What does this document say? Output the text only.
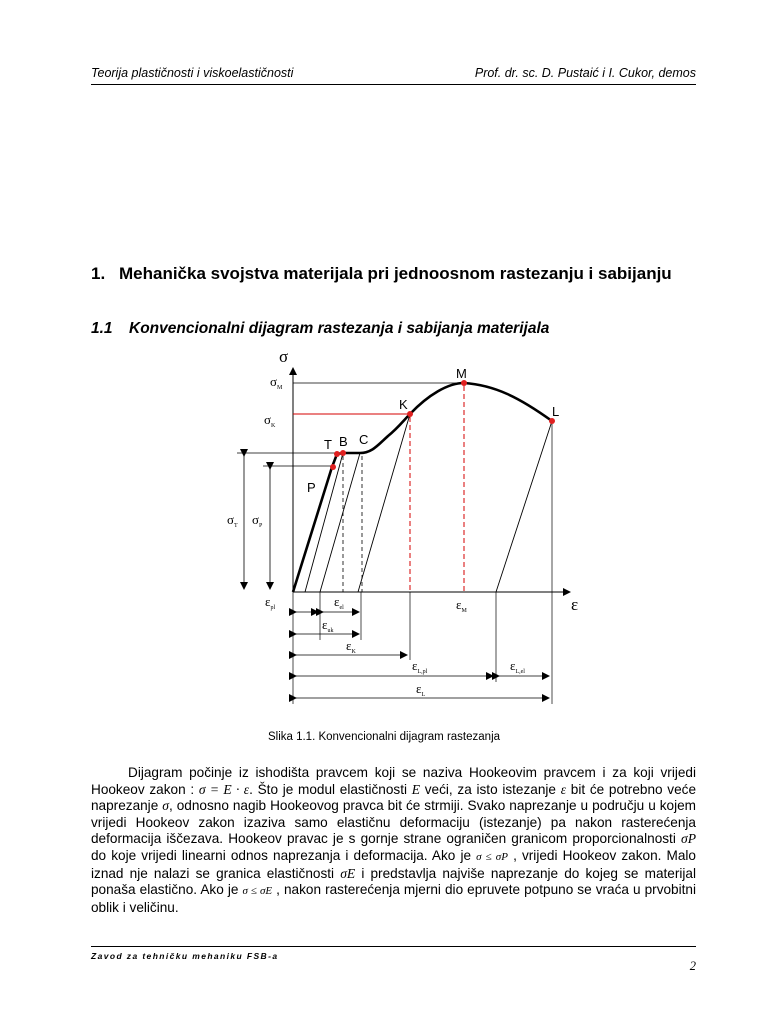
Teorija plastičnosti i viskoelastičnosti	Prof. dr. sc. D. Pustaić i I. Cukor, demos
1. Mehanička svojstva materijala pri jednoosnom rastezanju i sabijanju
1.1 Konvencionalni dijagram rastezanja i sabijanja materijala
σ
ε
T B C
K
M
L
P
$\sigma_M$
$\sigma_K$
$\sigma_T$ $\sigma_P$
$\varepsilon_{pl}$	$\varepsilon_{el}$	$\varepsilon_M$
$\varepsilon_{uk}$
$\varepsilon_K$
$\varepsilon_{L,pl}$	$\varepsilon_{L,el}$
$\varepsilon_L$
Slika 1.1. Konvencionalni dijagram rastezanja

Dijagram počinje iz ishodišta pravcem koji se naziva Hookeovim pravcem i za koji vrijedi Hookeov zakon : σ = E · ε. Što je modul elastičnosti E veći, za isto istezanje ε bit će potrebno veće naprezanje σ, odnosno nagib Hookeovog pravca bit će strmiji. Svako naprezanje u području u kojem vrijedi Hookeov zakon izaziva samo elastičnu deformaciju (istezanje) pa nakon rasterećenja deformacija iščezava. Hookeov pravac je s gornje strane ograničen granicom proporcionalnosti σP do koje vrijedi linearni odnos naprezanja i deformacija. Ako je σ ≤ σP , vrijedi Hookeov zakon. Malo iznad nje nalazi se granica elastičnosti σE i predstavlja najviše naprezanje do kojeg se materijal ponaša elastično. Ako je σ ≤ σE , nakon rasterećenja mjerni dio epruvete potpuno se vraća u prvobitni oblik i veličinu.

Zavod za tehničku mehaniku FSB-a
2
